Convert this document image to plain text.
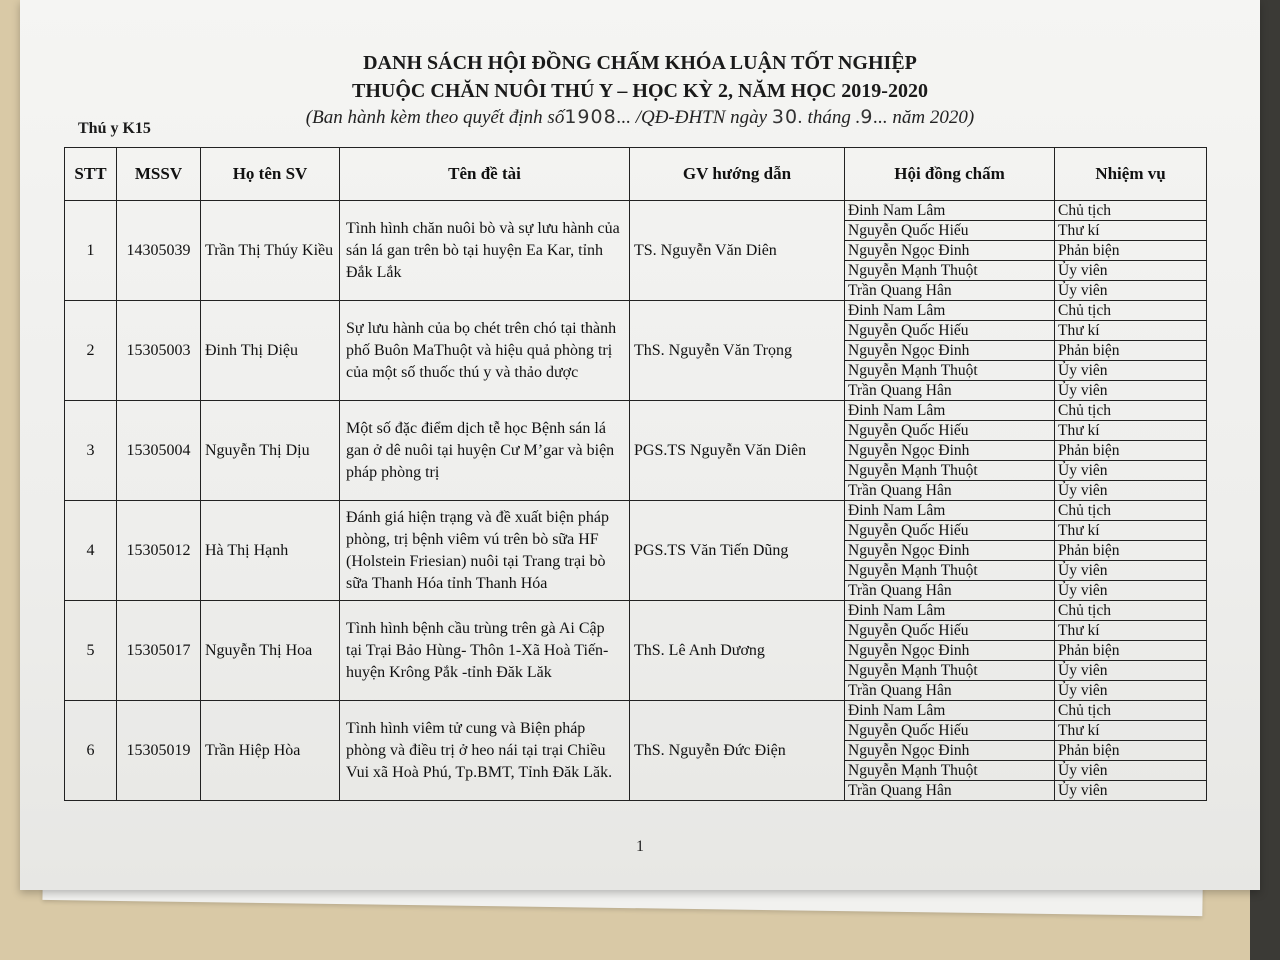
DANH SÁCH HỘI ĐỒNG CHẤM KHÓA LUẬN TỐT NGHIỆP
THUỘC CHĂN NUÔI THÚ Y – HỌC KỲ 2, NĂM HỌC 2019-2020
(Ban hành kèm theo quyết định số1908... /QĐ-ĐHTN ngày 30. tháng .9... năm 2020)
Thú y K15
STT	MSSV	Họ tên SV	Tên đề tài	GV hướng dẫn	Hội đồng chấm	Nhiệm vụ
1	14305039	Trần Thị Thúy Kiều	Tình hình chăn nuôi bò và sự lưu hành của sán lá gan trên bò tại huyện Ea Kar, tỉnh Đắk Lắk	TS. Nguyễn Văn Diên	Đinh Nam Lâm	Chủ tịch
					Nguyễn Quốc Hiếu	Thư kí
					Nguyễn Ngọc Đinh	Phản biện
					Nguyễn Mạnh Thuột	Ủy viên
					Trần Quang Hân	Ủy viên
2	15305003	Đinh Thị Diệu	Sự lưu hành của bọ chét trên chó tại thành phố Buôn MaThuột và hiệu quả phòng trị của một số thuốc thú y và thảo dược	ThS. Nguyễn Văn Trọng	Đinh Nam Lâm	Chủ tịch
					Nguyễn Quốc Hiếu	Thư kí
					Nguyễn Ngọc Đinh	Phản biện
					Nguyễn Mạnh Thuột	Ủy viên
					Trần Quang Hân	Ủy viên
3	15305004	Nguyễn Thị Dịu	Một số đặc điểm dịch tễ học Bệnh sán lá gan ở dê nuôi tại huyện Cư M’gar và biện pháp phòng trị	PGS.TS Nguyễn Văn Diên	Đinh Nam Lâm	Chủ tịch
					Nguyễn Quốc Hiếu	Thư kí
					Nguyễn Ngọc Đinh	Phản biện
					Nguyễn Mạnh Thuột	Ủy viên
					Trần Quang Hân	Ủy viên
4	15305012	Hà Thị Hạnh	Đánh giá hiện trạng và đề xuất biện pháp phòng, trị bệnh viêm vú trên bò sữa HF (Holstein Friesian) nuôi tại Trang trại bò sữa Thanh Hóa tỉnh Thanh Hóa	PGS.TS Văn Tiến Dũng	Đinh Nam Lâm	Chủ tịch
					Nguyễn Quốc Hiếu	Thư kí
					Nguyễn Ngọc Đinh	Phản biện
					Nguyễn Mạnh Thuột	Ủy viên
					Trần Quang Hân	Ủy viên
5	15305017	Nguyễn Thị Hoa	Tình hình bệnh cầu trùng trên gà Ai Cập tại Trại Bảo Hùng- Thôn 1-Xã Hoà Tiến-huyện Krông Pắk -tỉnh Đăk Lăk	ThS. Lê Anh Dương	Đinh Nam Lâm	Chủ tịch
					Nguyễn Quốc Hiếu	Thư kí
					Nguyễn Ngọc Đinh	Phản biện
					Nguyễn Mạnh Thuột	Ủy viên
					Trần Quang Hân	Ủy viên
6	15305019	Trần Hiệp Hòa	Tình hình viêm tử cung và Biện pháp phòng và điều trị ở heo nái tại trại Chiều Vui xã Hoà Phú, Tp.BMT, Tỉnh Đăk Lăk.	ThS. Nguyễn Đức Điện	Đinh Nam Lâm	Chủ tịch
					Nguyễn Quốc Hiếu	Thư kí
					Nguyễn Ngọc Đinh	Phản biện
					Nguyễn Mạnh Thuột	Ủy viên
					Trần Quang Hân	Ủy viên
1
